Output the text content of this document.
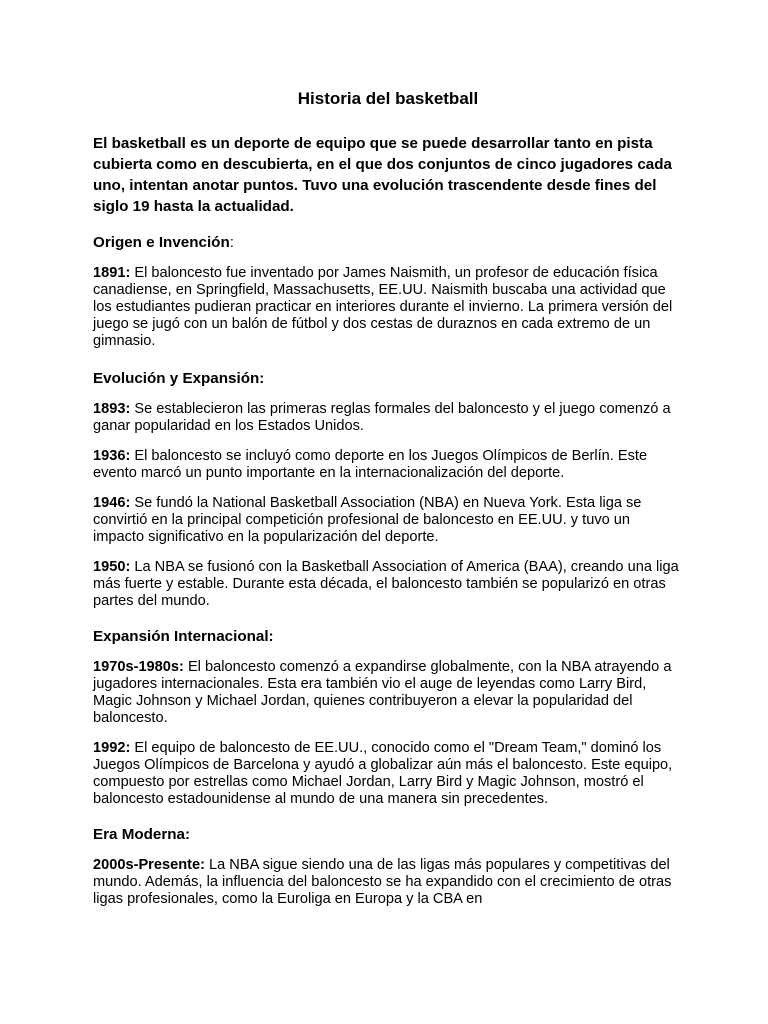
Historia del basketball
El basketball es un deporte de equipo que se puede desarrollar tanto en pista cubierta como en descubierta, en el que dos conjuntos de cinco jugadores cada uno, intentan anotar puntos. Tuvo una evolución trascendente desde fines del siglo 19 hasta la actualidad.
Origen e Invención:
1891: El baloncesto fue inventado por James Naismith, un profesor de educación física canadiense, en Springfield, Massachusetts, EE.UU. Naismith buscaba una actividad que los estudiantes pudieran practicar en interiores durante el invierno. La primera versión del juego se jugó con un balón de fútbol y dos cestas de duraznos en cada extremo de un gimnasio.
Evolución y Expansión:
1893: Se establecieron las primeras reglas formales del baloncesto y el juego comenzó a ganar popularidad en los Estados Unidos.
1936: El baloncesto se incluyó como deporte en los Juegos Olímpicos de Berlín. Este evento marcó un punto importante en la internacionalización del deporte.
1946: Se fundó la National Basketball Association (NBA) en Nueva York. Esta liga se convirtió en la principal competición profesional de baloncesto en EE.UU. y tuvo un impacto significativo en la popularización del deporte.
1950: La NBA se fusionó con la Basketball Association of America (BAA), creando una liga más fuerte y estable. Durante esta década, el baloncesto también se popularizó en otras partes del mundo.
Expansión Internacional:
1970s-1980s: El baloncesto comenzó a expandirse globalmente, con la NBA atrayendo a jugadores internacionales. Esta era también vio el auge de leyendas como Larry Bird, Magic Johnson y Michael Jordan, quienes contribuyeron a elevar la popularidad del baloncesto.
1992: El equipo de baloncesto de EE.UU., conocido como el "Dream Team," dominó los Juegos Olímpicos de Barcelona y ayudó a globalizar aún más el baloncesto. Este equipo, compuesto por estrellas como Michael Jordan, Larry Bird y Magic Johnson, mostró el baloncesto estadounidense al mundo de una manera sin precedentes.
Era Moderna:
2000s-Presente: La NBA sigue siendo una de las ligas más populares y competitivas del mundo. Además, la influencia del baloncesto se ha expandido con el crecimiento de otras ligas profesionales, como la Euroliga en Europa y la CBA en
